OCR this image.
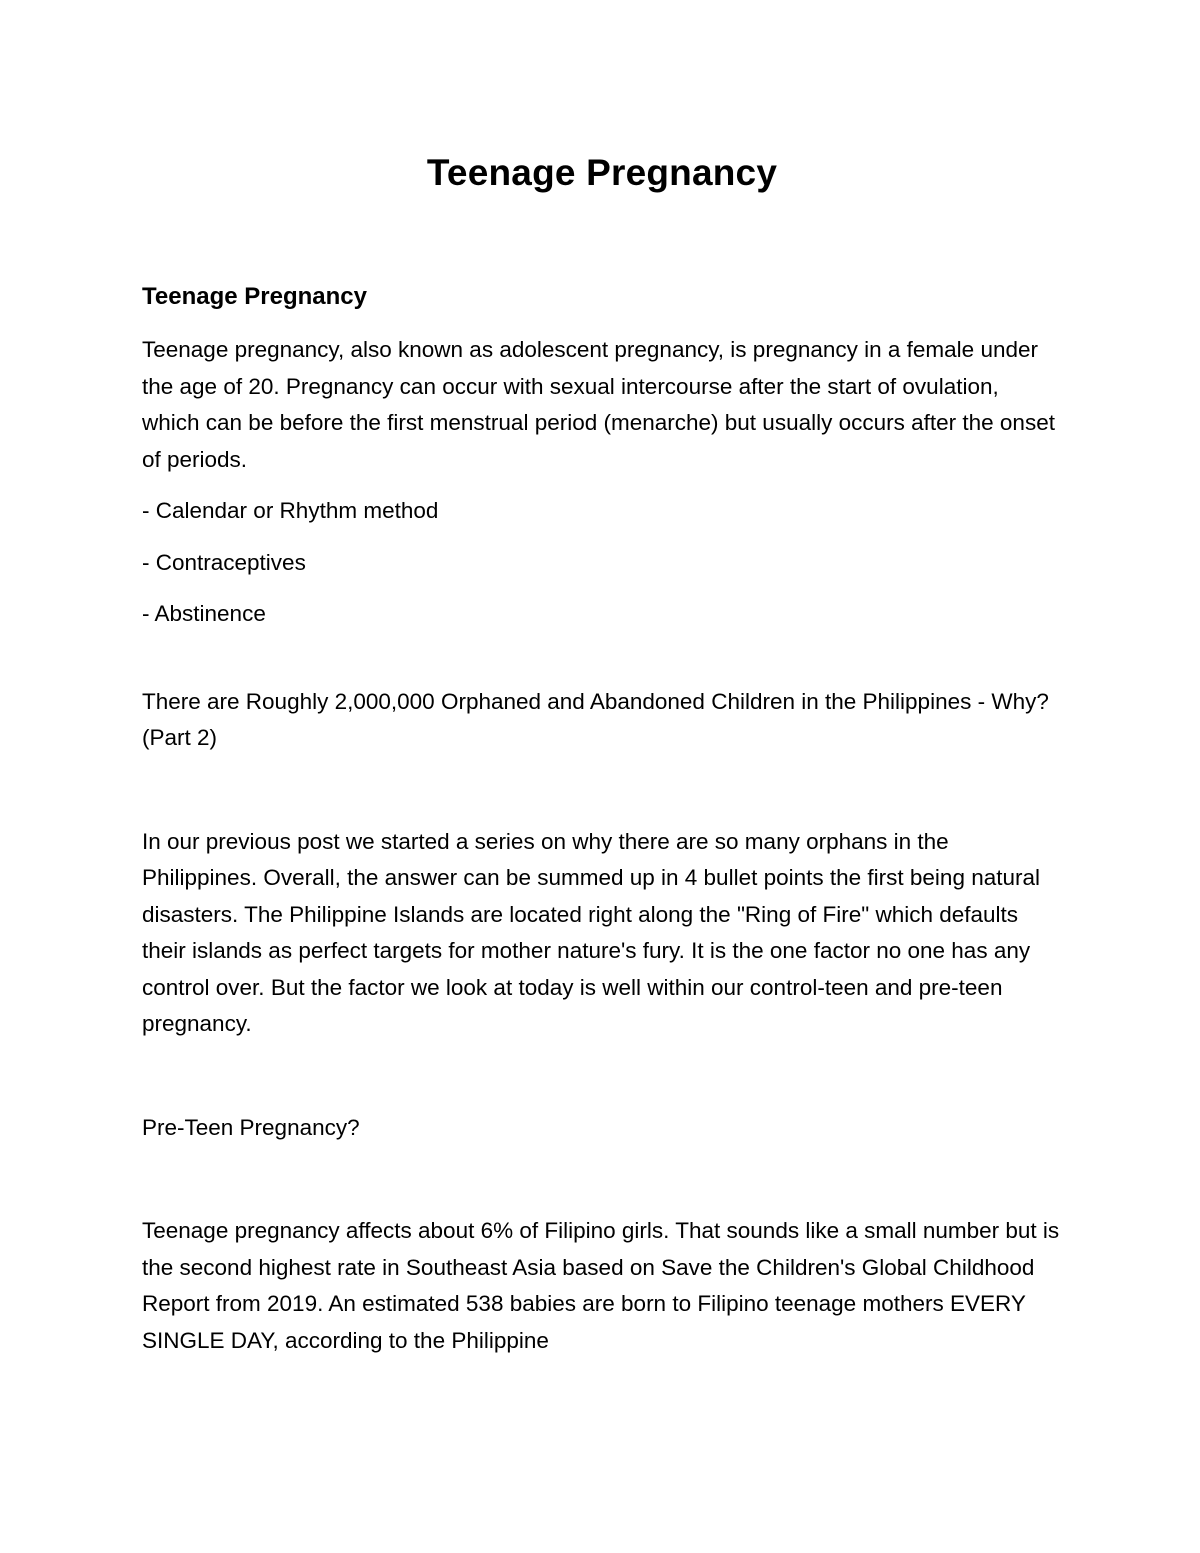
Teenage Pregnancy
Teenage Pregnancy

Teenage pregnancy, also known as adolescent pregnancy, is pregnancy in a female under the age of 20. Pregnancy can occur with sexual intercourse after the start of ovulation, which can be before the first menstrual period (menarche) but usually occurs after the onset of periods.

- Calendar or Rhythm method

- Contraceptives

- Abstinence

There are Roughly 2,000,000 Orphaned and Abandoned Children in the Philippines - Why? (Part 2)

In our previous post we started a series on why there are so many orphans in the Philippines. Overall, the answer can be summed up in 4 bullet points the first being natural disasters. The Philippine Islands are located right along the "Ring of Fire" which defaults their islands as perfect targets for mother nature's fury. It is the one factor no one has any control over. But the factor we look at today is well within our control-teen and pre-teen pregnancy.

Pre-Teen Pregnancy?

Teenage pregnancy affects about 6% of Filipino girls. That sounds like a small number but is the second highest rate in Southeast Asia based on Save the Children's Global Childhood Report from 2019. An estimated 538 babies are born to Filipino teenage mothers EVERY SINGLE DAY, according to the Philippine
